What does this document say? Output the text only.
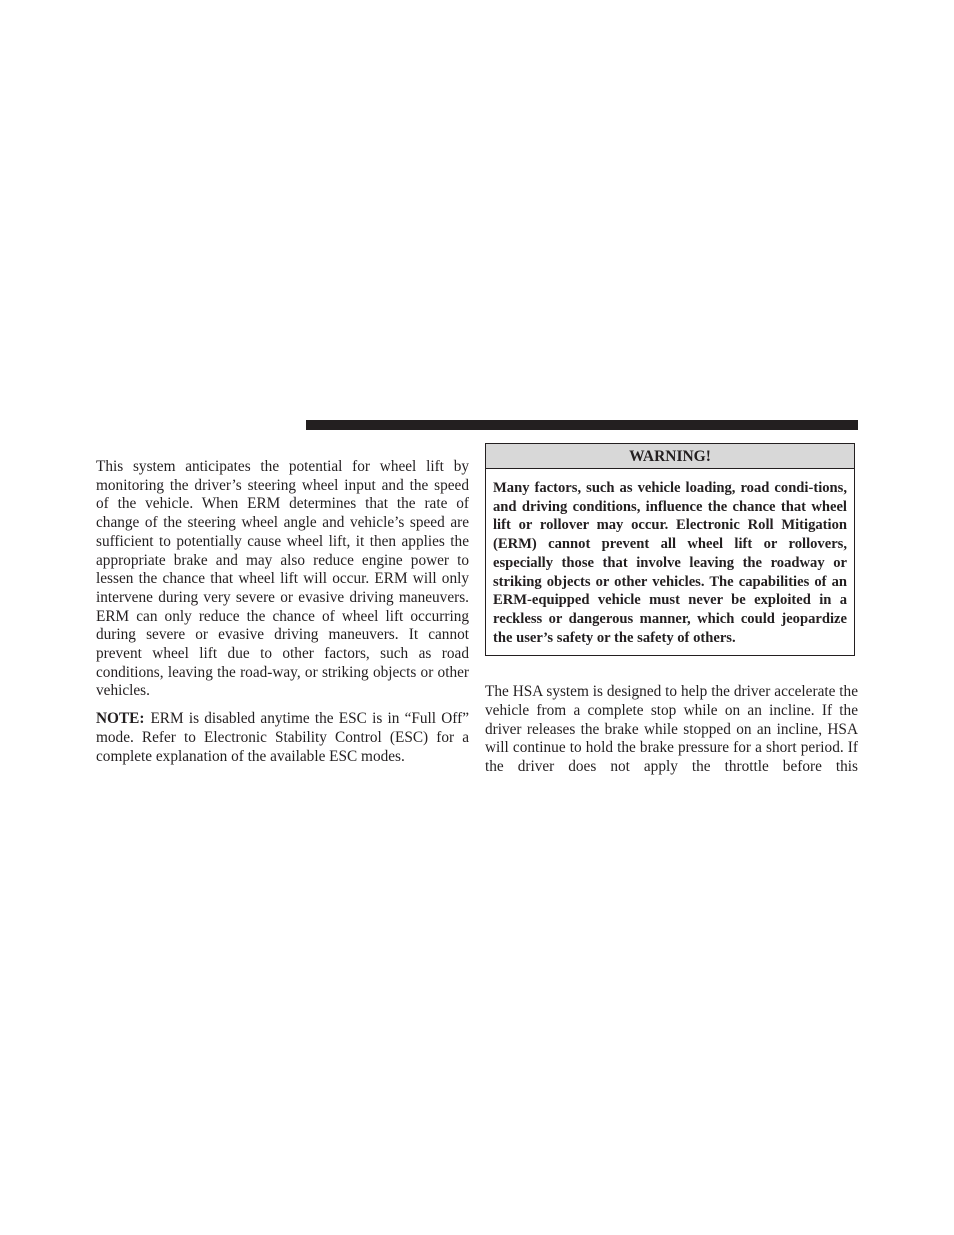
This system anticipates the potential for wheel lift by monitoring the driver’s steering wheel input and the speed of the vehicle. When ERM determines that the rate of change of the steering wheel angle and vehicle’s speed are sufficient to potentially cause wheel lift, it then applies the appropriate brake and may also reduce engine power to lessen the chance that wheel lift will occur. ERM will only intervene during very severe or evasive driving maneuvers. ERM can only reduce the chance of wheel lift occurring during severe or evasive driving maneuvers. It cannot prevent wheel lift due to other factors, such as road conditions, leaving the road-way, or striking objects or other vehicles.

NOTE: ERM is disabled anytime the ESC is in “Full Off” mode. Refer to Electronic Stability Control (ESC) for a complete explanation of the available ESC modes.

WARNING!
Many factors, such as vehicle loading, road condi-tions, and driving conditions, influence the chance that wheel lift or rollover may occur. Electronic Roll Mitigation (ERM) cannot prevent all wheel lift or rollovers, especially those that involve leaving the roadway or striking objects or other vehicles. The capabilities of an ERM-equipped vehicle must never be exploited in a reckless or dangerous manner, which could jeopardize the user’s safety or the safety of others.

The HSA system is designed to help the driver accelerate the vehicle from a complete stop while on an incline. If the driver releases the brake while stopped on an incline, HSA will continue to hold the brake pressure for a short period. If the driver does not apply the throttle before this
